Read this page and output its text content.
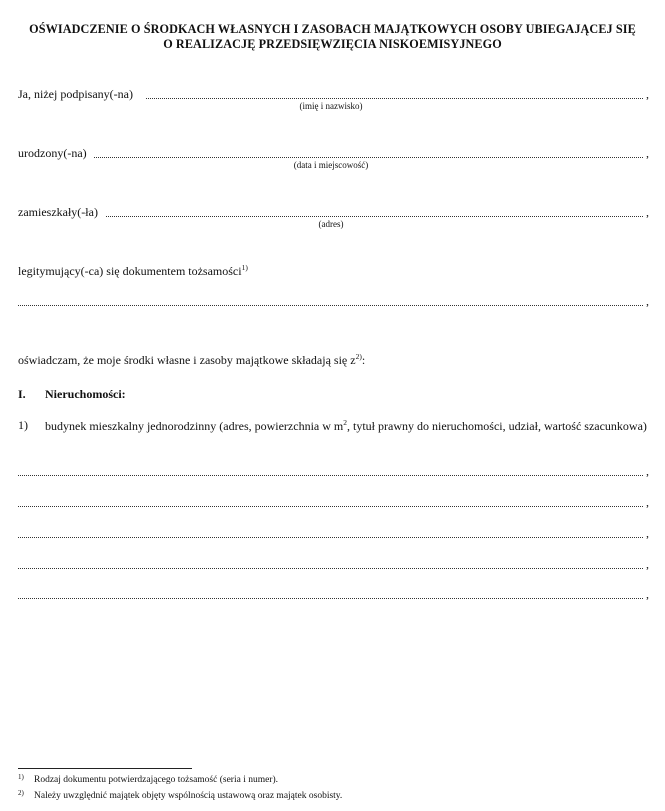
OŚWIADCZENIE O ŚRODKACH WŁASNYCH I ZASOBACH MAJĄTKOWYCH OSOBY UBIEGAJĄCEJ SIĘ
O REALIZACJĘ PRZEDSIĘWZIĘCIA NISKOEMISYJNEGO
Ja, niżej podpisany(-na)	,
(imię i nazwisko)
urodzony(-na)	,
(data i miejscowość)
zamieszkały(-ła)	,
(adres)
legitymujący(-ca) się dokumentem tożsamości$^{1)}$
,
oświadczam, że moje środki własne i zasoby majątkowe składają się $z^{2)}$:
I. Nieruchomości:
1) budynek mieszkalny jednorodzinny (adres, powierzchnia w $m^2$, tytuł prawny do nieruchomości, udział, wartość szacunkowa)
,
,
,
,
,
1) Rodzaj dokumentu potwierdzającego tożsamość (seria i numer).
2) Należy uwzględnić majątek objęty wspólnością ustawową oraz majątek osobisty.
